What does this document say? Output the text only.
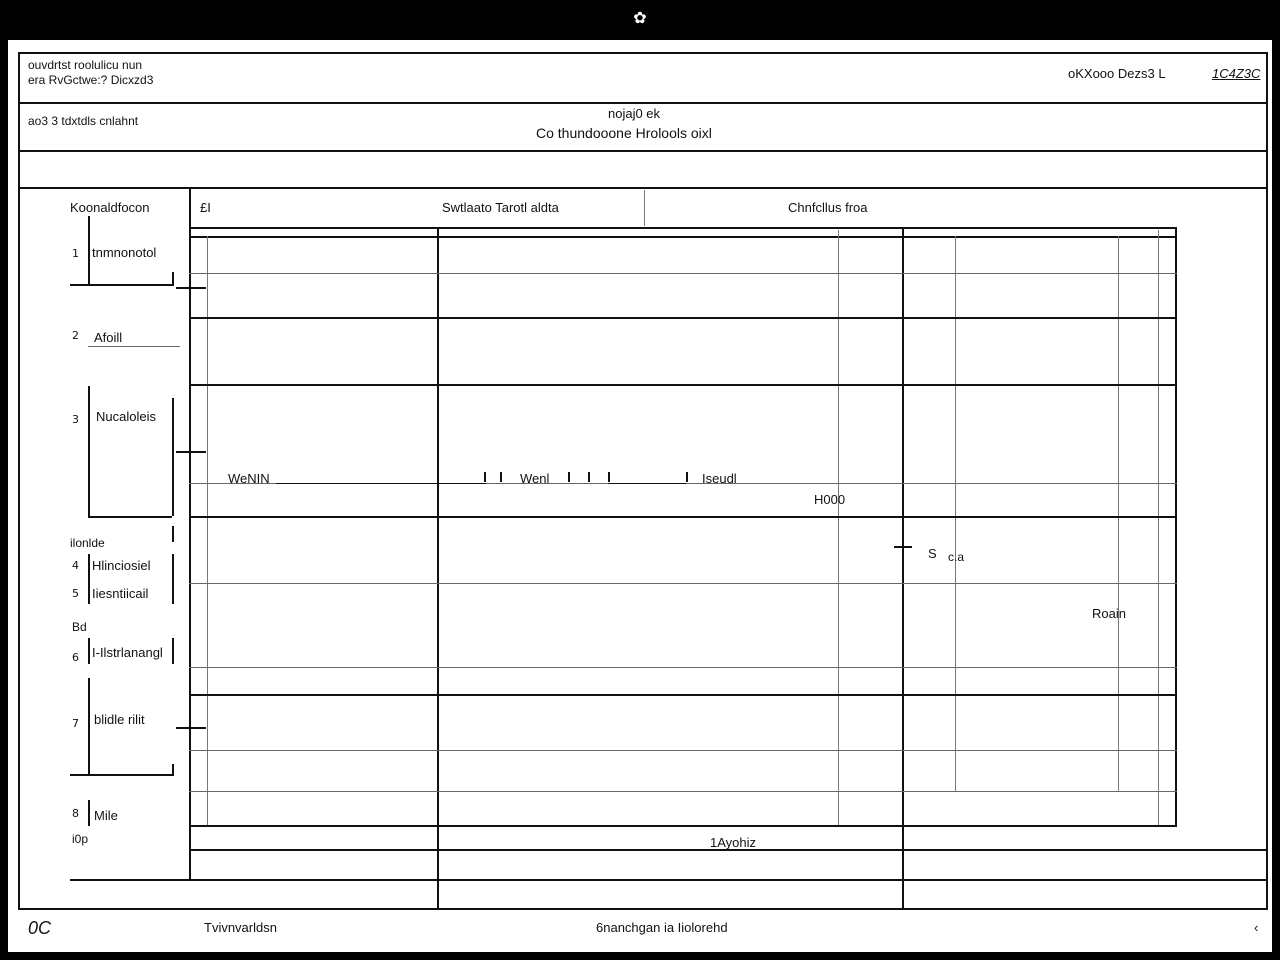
✿
ouvdrtst roolulicu nun
era RvGctwe:? Dicxzd3	oKXooo Dezs3 L	1C4Z3C
ao3 3 tdxtdls cnlahnt	nojaj0 ek
Co thundooone Hrolools oixl
Koonaldfocon	£I	Swtlaato Tarotl aldta	Chnfcllus froa
1 tnmnonotol
2 Afoill
3 Nucaloleis
ilonlde
4 Hlinciosiel
5 Iiesntiicail
Bd
6 I-Ilstrlanangl
7 blidle rilit
8 Mile
i0p
WeNIN	Wenl	Iseudl
H000
S c.a
Roain
1Ayohiz
0C	Tvivnvarldsn	6nanchgan ia Iiolorehd	‹
